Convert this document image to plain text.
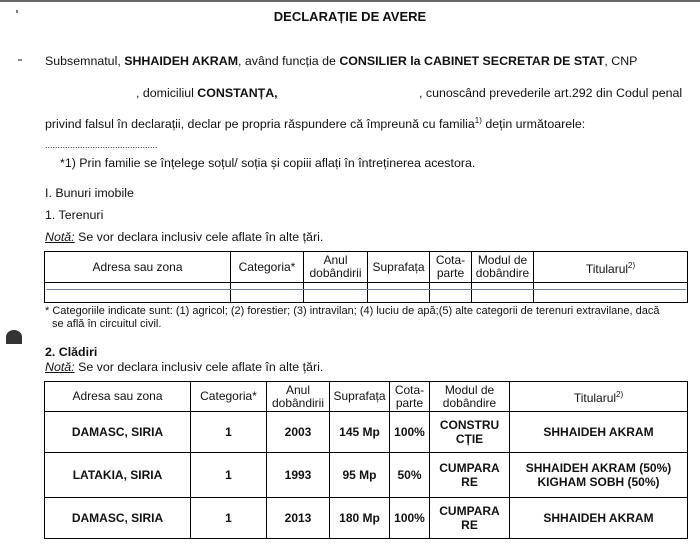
DECLARAȚIE DE AVERE
Subsemnatul, SHHAIDEH AKRAM, având funcția de CONSILIER la CABINET SECRETAR DE STAT, CNP
, domiciliul CONSTANȚA,	, cunoscând prevederile art.292 din Codul penal
privind falsul în declarații, declar pe propria răspundere că împreună cu familia$^{1)}$ dețin următoarele:
.............................................
*1) Prin familie se înțelege soțul/ soția și copiii aflați în întreținerea acestora.
I. Bunuri imobile
1. Terenuri
Notă: Se vor declara inclusiv cele aflate în alte țări.
Adresa sau zona	Categoria*	Anul dobândirii	Suprafața	Cota-parte	Modul de dobândire	Titularul$^{2)}$

* Categoriile indicate sunt: (1) agricol; (2) forestier; (3) intravilan; (4) luciu de apă;(5) alte categorii de terenuri extravilane, dacă
se află în circuitul civil.
2. Clădiri
Notă: Se vor declara inclusiv cele aflate în alte țări.
Adresa sau zona	Categoria*	Anul dobândirii	Suprafața	Cota-parte	Modul de dobândire	Titularul$^{2)}$
DAMASC, SIRIA	1	2003	145 Mp	100%	CONSTRUCȚIE	SHHAIDEH AKRAM

LATAKIA, SIRIA	1	1993	95 Mp	50%	CUMPARARE	SHHAIDEH AKRAM (50%)
KIGHAM SOBH (50%)

DAMASC, SIRIA	1	2013	180 Mp	100%	CUMPARARE	SHHAIDEH AKRAM
